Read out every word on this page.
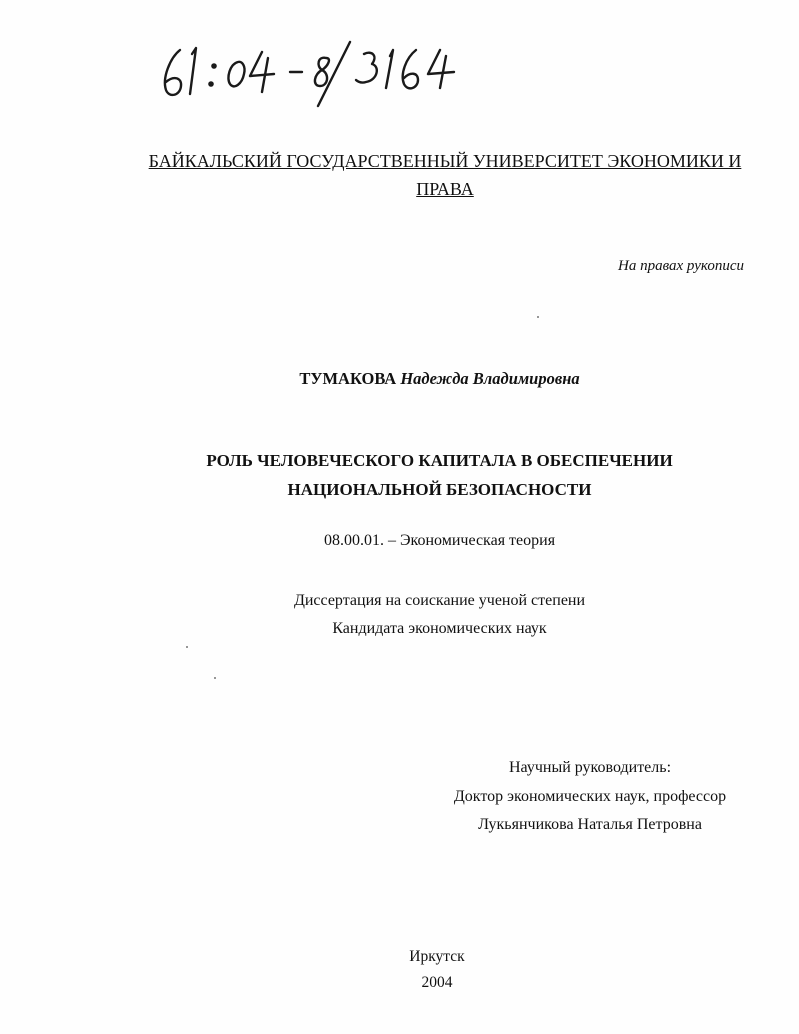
БАЙКАЛЬСКИЙ ГОСУДАРСТВЕННЫЙ УНИВЕРСИТЕТ ЭКОНОМИКИ И
ПРАВА
На правах рукописи
ТУМАКОВА Надежда Владимировна
РОЛЬ ЧЕЛОВЕЧЕСКОГО КАПИТАЛА В ОБЕСПЕЧЕНИИ
НАЦИОНАЛЬНОЙ БЕЗОПАСНОСТИ
08.00.01. – Экономическая теория
Диссертация на соискание ученой степени
Кандидата экономических наук
Научный руководитель:
Доктор экономических наук, профессор
Лукьянчикова Наталья Петровна
Иркутск
2004
